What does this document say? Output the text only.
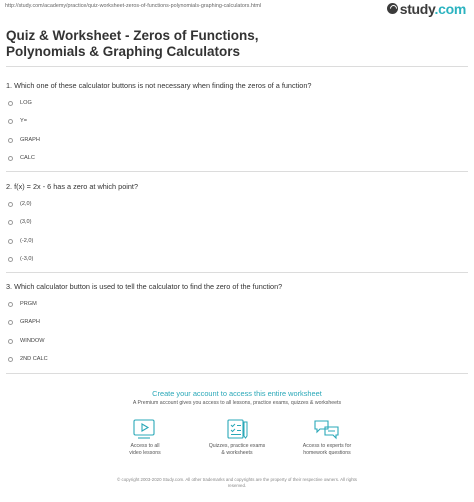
http://study.com/academy/practice/quiz-worksheet-zeros-of-functions-polynomials-graphing-calculators.html	study.com
Quiz & Worksheet - Zeros of Functions, Polynomials & Graphing Calculators
1. Which one of these calculator buttons is not necessary when finding the zeros of a function?
LOG
Y=
GRAPH
CALC
2. f(x) = 2x - 6 has a zero at which point?
(2,0)
(3,0)
(-2,0)
(-3,0)
3. Which calculator button is used to tell the calculator to find the zero of the function?
PRGM
GRAPH
WINDOW
2ND CALC
Create your account to access this entire worksheet
A Premium account gives you access to all lessons, practice exams, quizzes & worksheets
Access to all
video lessons
Quizzes, practice exams
& worksheets
Access to experts for
homework questions
© copyright 2003-2020 Study.com. All other trademarks and copyrights are the property of their respective owners. All rights
reserved.
